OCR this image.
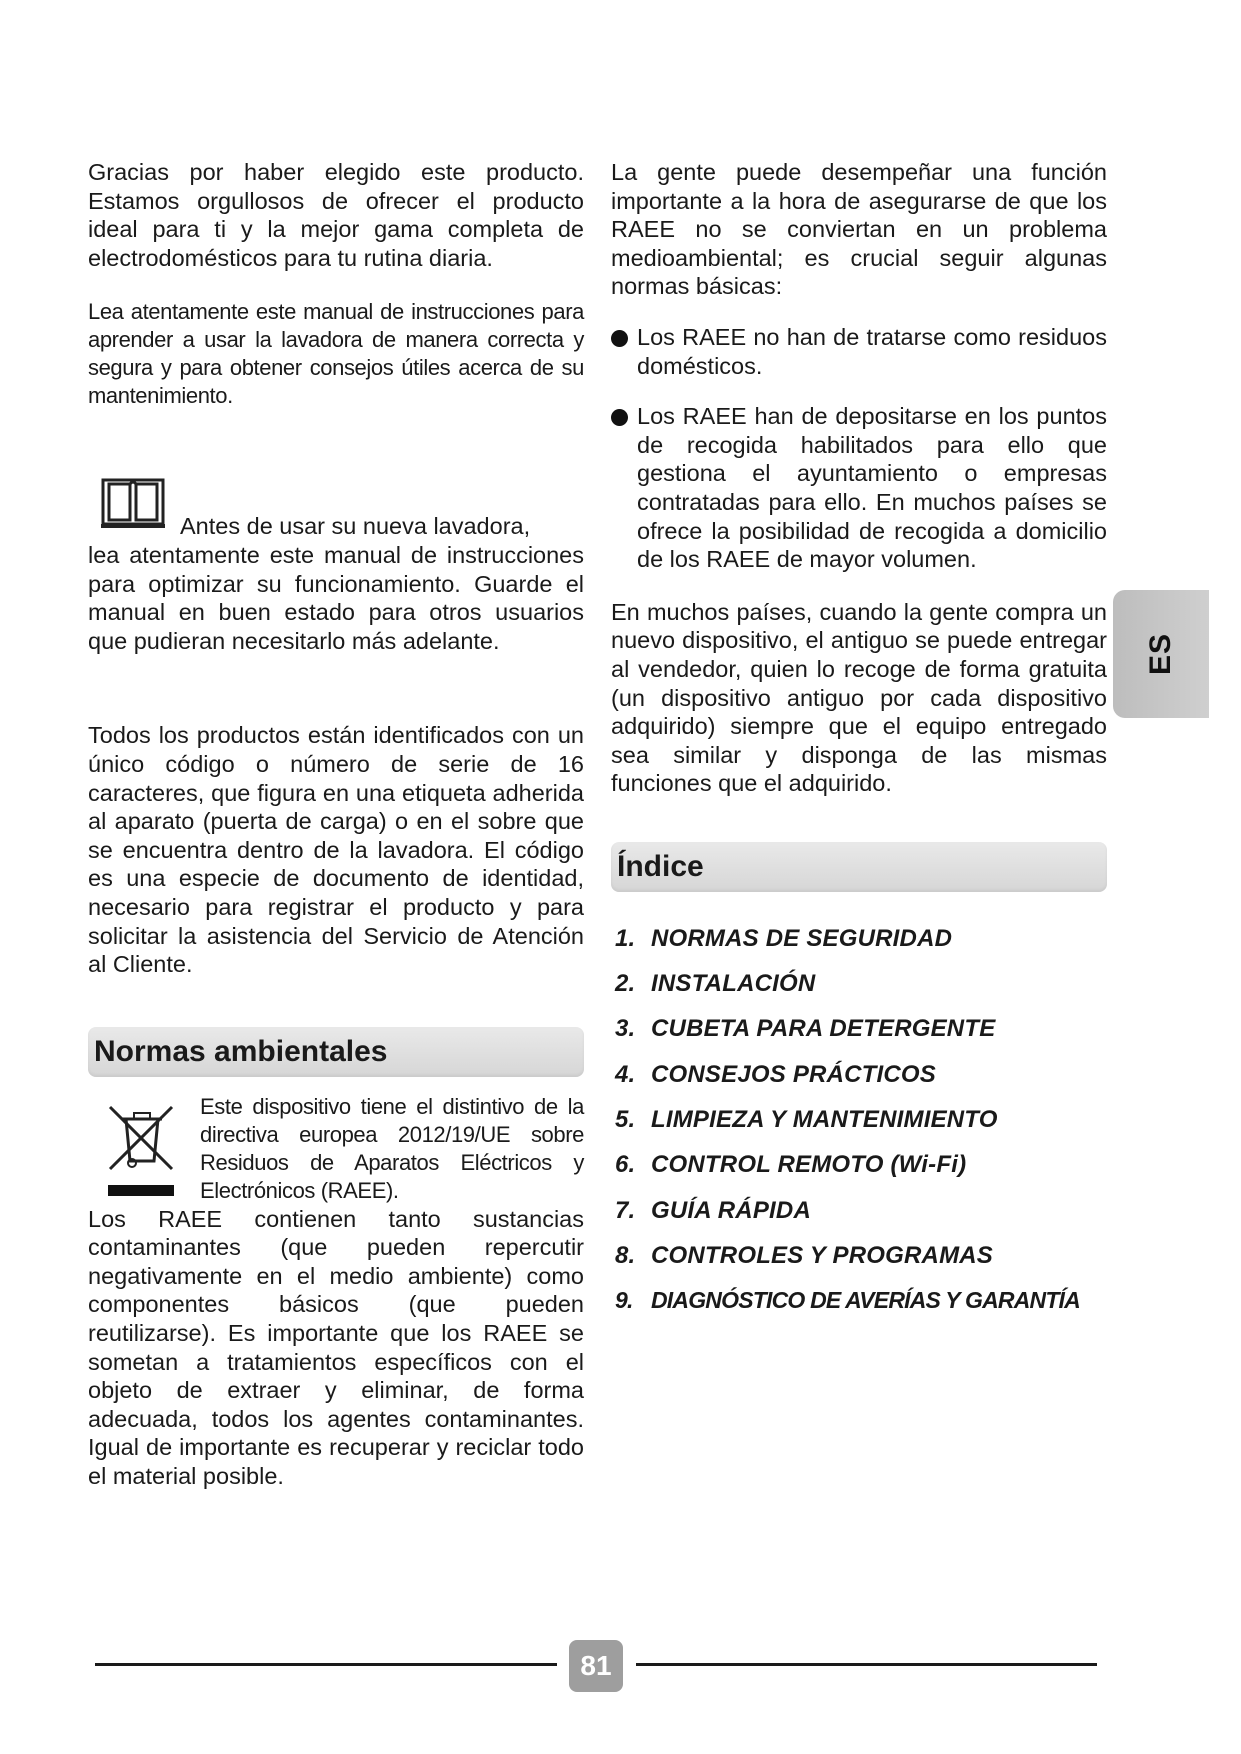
Gracias por haber elegido este producto. Estamos orgullosos de ofrecer el producto ideal para ti y la mejor gama completa de electrodomésticos para tu rutina diaria.

Lea atentamente este manual de instrucciones para aprender a usar la lavadora de manera correcta y segura y para obtener consejos útiles acerca de su mantenimiento.

Antes de usar su nueva lavadora,

lea atentamente este manual de instrucciones para optimizar su funcionamiento. Guarde el manual en buen estado para otros usuarios que pudieran necesitarlo más adelante.

Todos los productos están identificados con un único código o número de serie de 16 caracteres, que figura en una etiqueta adherida al aparato (puerta de carga) o en el sobre que se encuentra dentro de la lavadora. El código es una especie de documento de identidad, necesario para registrar el producto y para solicitar la asistencia del Servicio de Atención al Cliente.

Normas ambientales

Este dispositivo tiene el distintivo de la directiva europea 2012/19/UE sobre Residuos de Aparatos Eléctricos y Electrónicos (RAEE).

Los RAEE contienen tanto sustancias contaminantes (que pueden repercutir negativamente en el medio ambiente) como componentes básicos (que pueden reutilizarse). Es importante que los RAEE se sometan a tratamientos específicos con el objeto de extraer y eliminar, de forma adecuada, todos los agentes contaminantes. Igual de importante es recuperar y reciclar todo el material posible.

La gente puede desempeñar una función importante a la hora de asegurarse de que los RAEE no se conviertan en un problema medioambiental; es crucial seguir algunas normas básicas:

Los RAEE no han de tratarse como residuos domésticos.

Los RAEE han de depositarse en los puntos de recogida habilitados para ello que gestiona el ayuntamiento o empresas contratadas para ello. En muchos países se ofrece la posibilidad de recogida a domicilio de los RAEE de mayor volumen.

En muchos países, cuando la gente compra un nuevo dispositivo, el antiguo se puede entregar al vendedor, quien lo recoge de forma gratuita (un dispositivo antiguo por cada dispositivo adquirido) siempre que el equipo entregado sea similar y disponga de las mismas funciones que el adquirido.

Índice
1. NORMAS DE SEGURIDAD
2. INSTALACIÓN
3. CUBETA PARA DETERGENTE
4. CONSEJOS PRÁCTICOS
5. LIMPIEZA Y MANTENIMIENTO
6. CONTROL REMOTO (Wi-Fi)
7. GUÍA RÁPIDA
8. CONTROLES Y PROGRAMAS
9. DIAGNÓSTICO DE AVERÍAS Y GARANTÍA
ES
81
